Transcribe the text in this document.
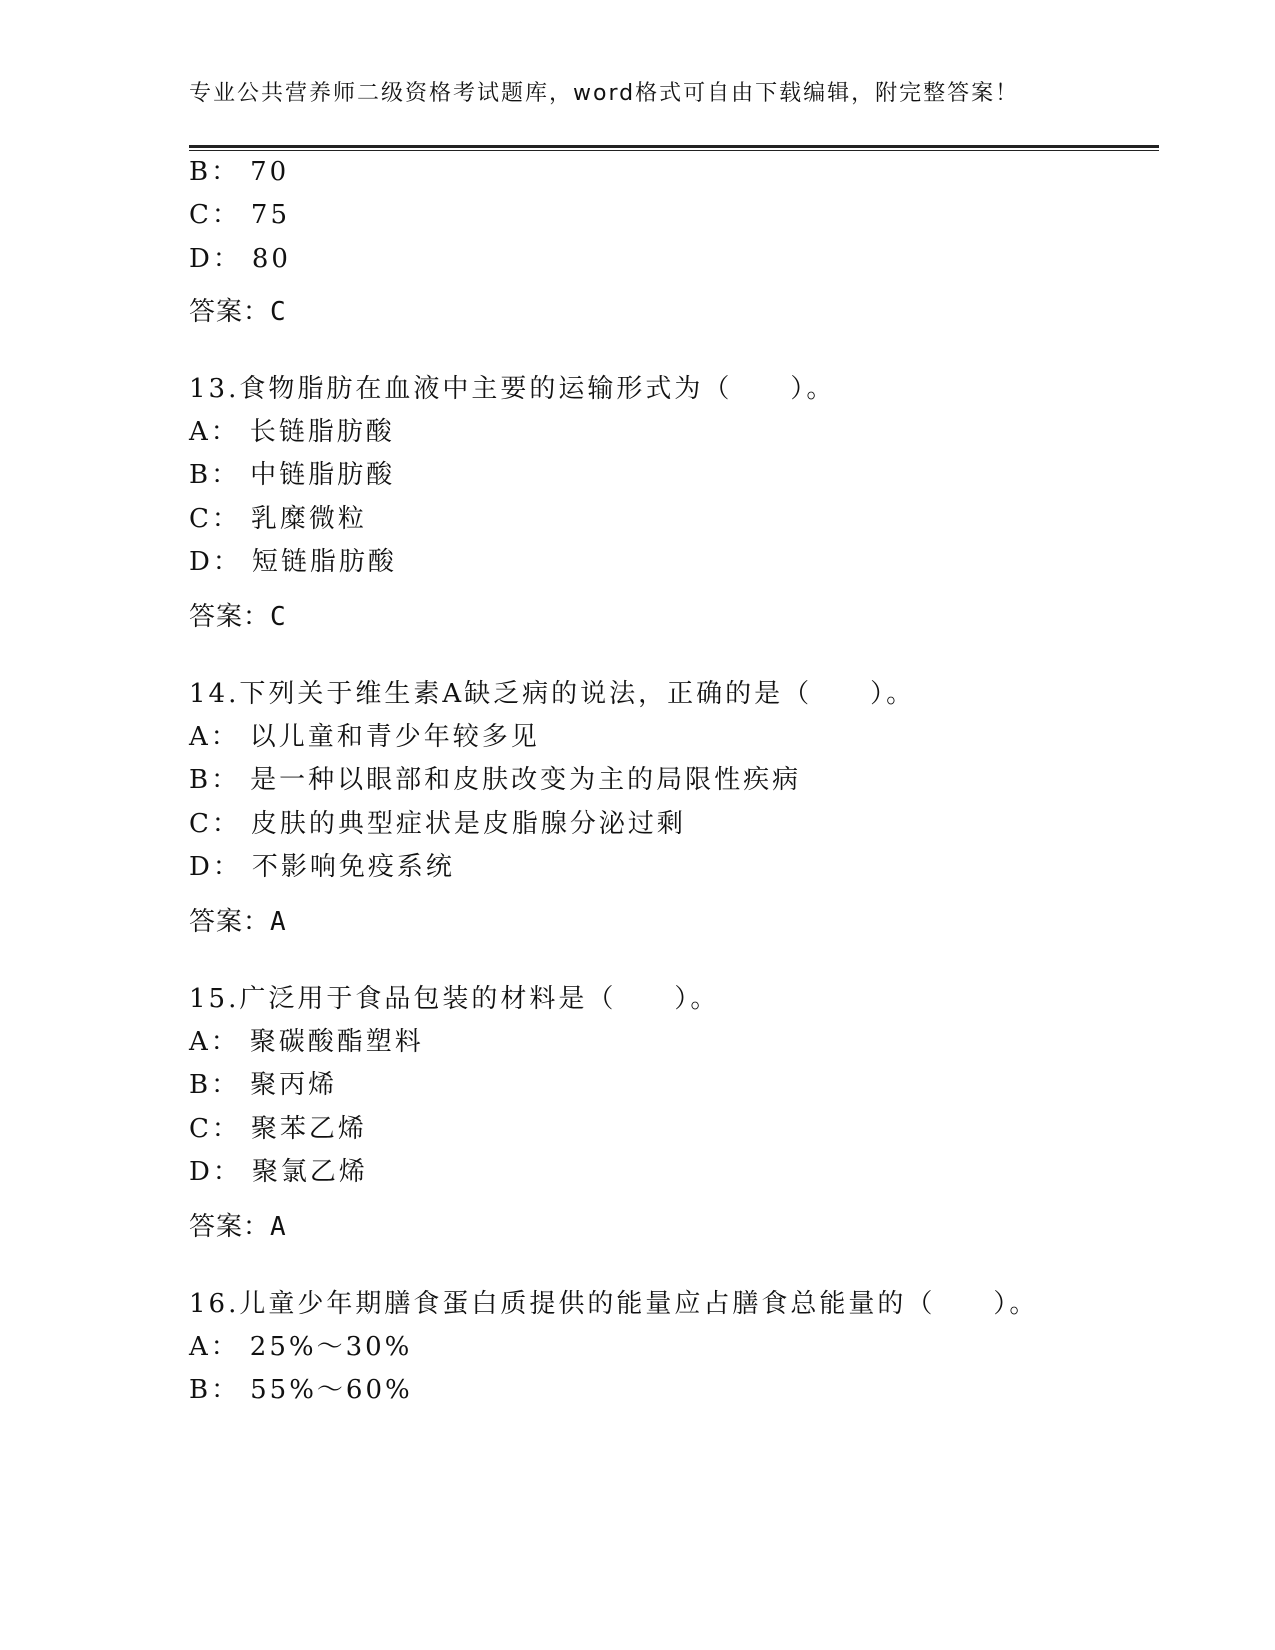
专业公共营养师二级资格考试题库，word格式可自由下载编辑，附完整答案！
B： 70
C： 75
D： 80
答案：C
13.食物脂肪在血液中主要的运输形式为（　　）。
A： 长链脂肪酸
B： 中链脂肪酸
C： 乳糜微粒
D： 短链脂肪酸
答案：C
14.下列关于维生素A缺乏病的说法，正确的是（　　）。
A： 以儿童和青少年较多见
B： 是一种以眼部和皮肤改变为主的局限性疾病
C： 皮肤的典型症状是皮脂腺分泌过剩
D： 不影响免疫系统
答案：A
15.广泛用于食品包装的材料是（　　）。
A： 聚碳酸酯塑料
B： 聚丙烯
C： 聚苯乙烯
D： 聚氯乙烯
答案：A
16.儿童少年期膳食蛋白质提供的能量应占膳食总能量的（　　）。
A： 25%～30%
B： 55%～60%
